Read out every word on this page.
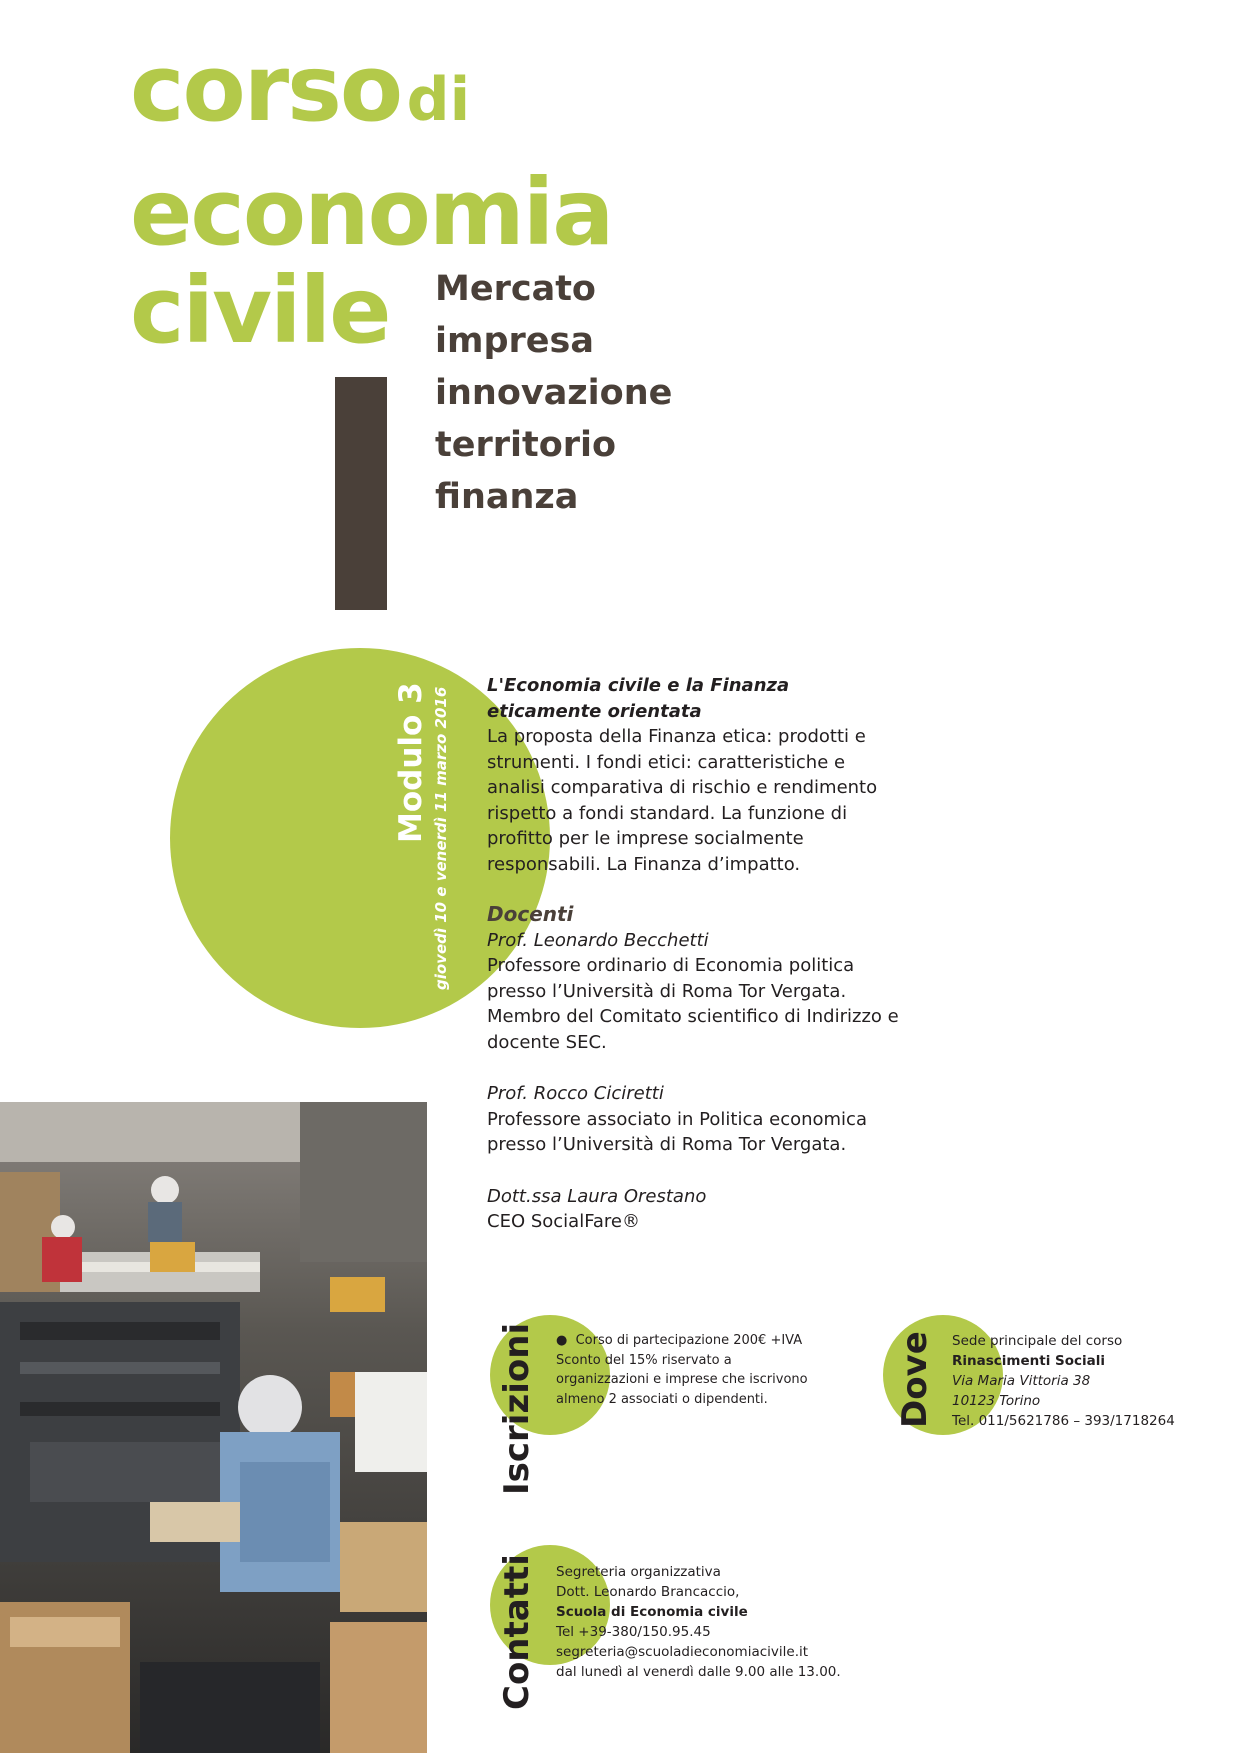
corso di
economia
civile	Mercato
impresa
innovazione
territorio
finanza
Modulo 3 giovedì 10 e venerdì 11 marzo 2016
L'Economia civile e la Finanza eticamente orientata
La proposta della Finanza etica: prodotti e strumenti. I fondi etici: caratteristiche e analisi comparativa di rischio e rendimento rispetto a fondi standard. La funzione di profitto per le imprese socialmente responsabili. La Finanza d’impatto.
Docenti
Prof. Leonardo Becchetti
Professore ordinario di Economia politica presso l’Università di Roma Tor Vergata. Membro del Comitato scientifico di Indirizzo e docente SEC.
Prof. Rocco Ciciretti
Professore associato in Politica economica presso l’Università di Roma Tor Vergata.
Dott.ssa Laura Orestano
CEO SocialFare®
Iscrizioni ● Corso di partecipazione 200€ +IVA
Sconto del 15% riservato a organizzazioni e imprese che iscrivono almeno 2 associati o dipendenti.	Dove Sede principale del corso
Rinascimenti Sociali
Via Maria Vittoria 38
10123 Torino
Tel. 011/5621786 – 393/1718264
Contatti Segreteria organizzativa
Dott. Leonardo Brancaccio,
Scuola di Economia civile
Tel +39-380/150.95.45
segreteria@scuoladieconomiacivile.it
dal lunedì al venerdì dalle 9.00 alle 13.00.
